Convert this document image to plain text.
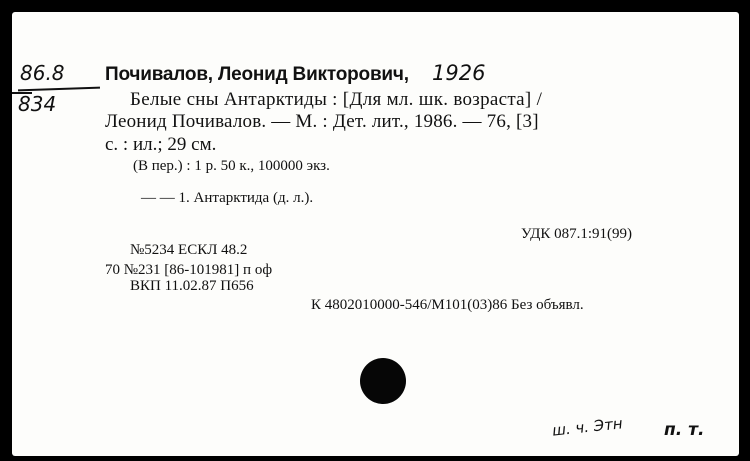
86.8
834
Почивалов, Леонид Викторович, 1926
Белые сны Антарктиды : [Для мл. шк. возраста] /
Леонид Почивалов. — М. : Дет. лит., 1986. — 76, [3]
с. : ил.; 29 см.
(В пер.) : 1 р. 50 к., 100000 экз.
— — 1. Антарктида (д. л.).
УДК 087.1:91(99)
№5234 ЕСКЛ 48.2
70 №231 [86-101981] п оф
ВКП 11.02.87 П656
К 4802010000-546/М101(03)86 Без объявл.
ш. ч. Этн п. т.
